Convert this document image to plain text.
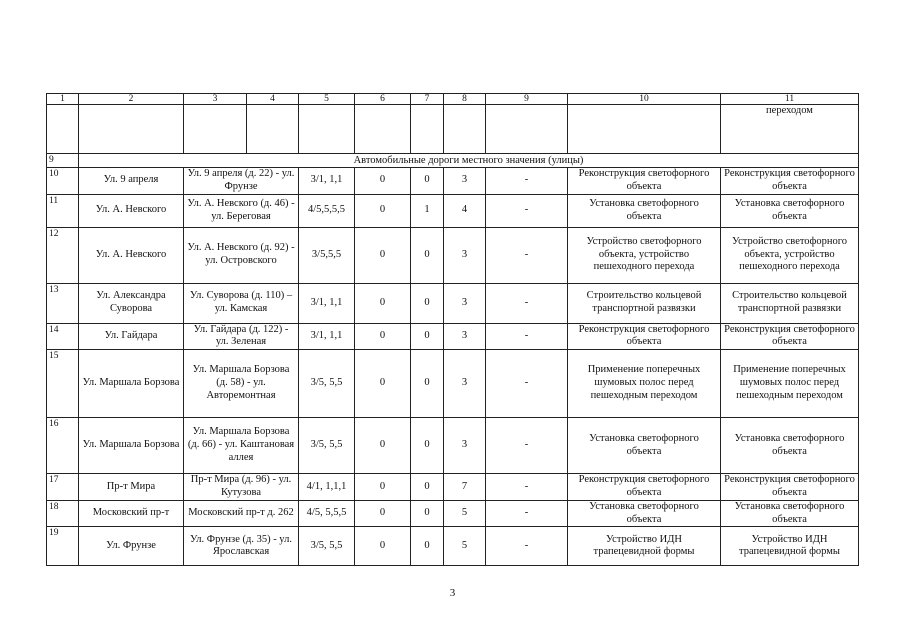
1	2	3	4	5	6	7	8	9	10	11
										переходом
9	Автомобильные дороги местного значения (улицы)									
10	Ул. 9 апреля	Ул. 9 апреля (д. 22) - ул. Фрунзе		3/1, 1,1	0	0	3	-	Реконструкция светофорного объекта	Реконструкция светофорного объекта
11	Ул. А. Невского	Ул. А. Невского (д. 46) - ул. Береговая		4/5,5,5,5	0	1	4	-	Установка светофорного объекта	Установка светофорного объекта
12	Ул. А. Невского	Ул. А. Невского (д. 92) - ул. Островского		3/5,5,5	0	0	3	-	Устройство светофорного объекта, устройство пешеходного перехода	Устройство светофорного объекта, устройство пешеходного перехода
13	Ул. Александра Суворова	Ул. Суворова (д. 110) – ул. Камская		3/1, 1,1	0	0	3	-	Строительство кольцевой транспортной развязки	Строительство кольцевой транспортной развязки
14	Ул. Гайдара	Ул. Гайдара (д. 122) - ул. Зеленая		3/1, 1,1	0	0	3	-	Реконструкция светофорного объекта	Реконструкция светофорного объекта
15	Ул. Маршала Борзова	Ул. Маршала Борзова (д. 58) - ул. Авторемонтная		3/5, 5,5	0	0	3	-	Применение поперечных шумовых полос перед пешеходным переходом	Применение поперечных шумовых полос перед пешеходным переходом
16	Ул. Маршала Борзова	Ул. Маршала Борзова (д. 66) - ул. Каштановая аллея		3/5, 5,5	0	0	3	-	Установка светофорного объекта	Установка светофорного объекта
17	Пр-т Мира	Пр-т Мира (д. 96) - ул. Кутузова		4/1, 1,1,1	0	0	7	-	Реконструкция светофорного объекта	Реконструкция светофорного объекта
18	Московский пр-т	Московский пр-т д. 262		4/5, 5,5,5	0	0	5	-	Установка светофорного объекта	Установка светофорного объекта
19	Ул. Фрунзе	Ул. Фрунзе (д. 35) - ул. Ярославская		3/5, 5,5	0	0	5	-	Устройство ИДН трапецевидной формы	Устройство ИДН трапецевидной формы
3
